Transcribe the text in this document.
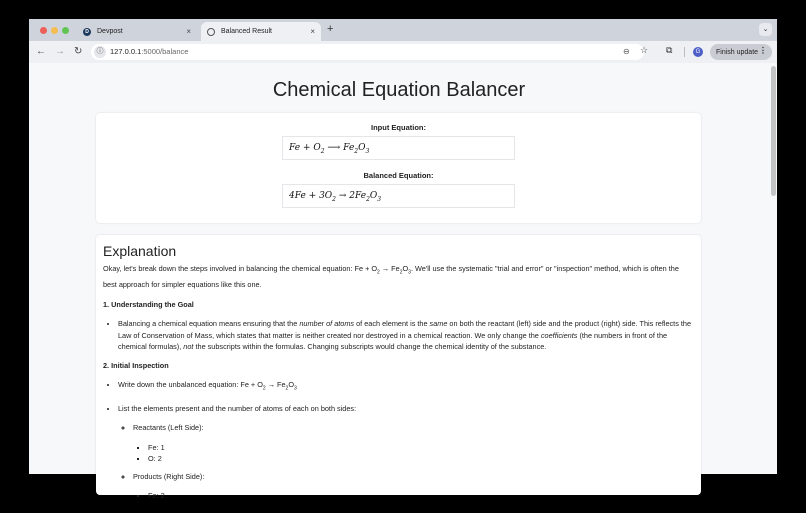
D	Devpost	×	Balanced Result	× +	⌄
← → ↻	ⓘ 127.0.0.1:5000/balance	⊖ ☆ ⧉	G	Finish update ⋮
Chemical Equation Balancer
Input Equation:
$Fe + O_2$ ⟶ $Fe_2O_3$
Balanced Equation:
$4Fe + 3O_2 \to 2Fe_2O_3$
Explanation
Okay, let's break down the steps involved in balancing the chemical equation: $Fe + O_2 \to Fe_2O_3$. We'll use the systematic "trial and error" or "inspection" method, which is often the best approach for simpler equations like this one.
1. Understanding the Goal
• Balancing a chemical equation means ensuring that the number of atoms of each element is the same on both the reactant (left) side and the product (right) side. This reflects the Law of Conservation of Mass, which states that matter is neither created nor destroyed in a chemical reaction. We only change the coefficients (the numbers in front of the chemical formulas), not the subscripts within the formulas. Changing subscripts would change the chemical identity of the substance.
2. Initial Inspection
• Write down the unbalanced equation: $Fe + O_2 \to Fe_2O_3$
• List the elements present and the number of atoms of each on both sides:
◦ Reactants (Left Side):
▪ Fe: 1
▪ O: 2
◦ Products (Right Side):
▪ Fe: 2
